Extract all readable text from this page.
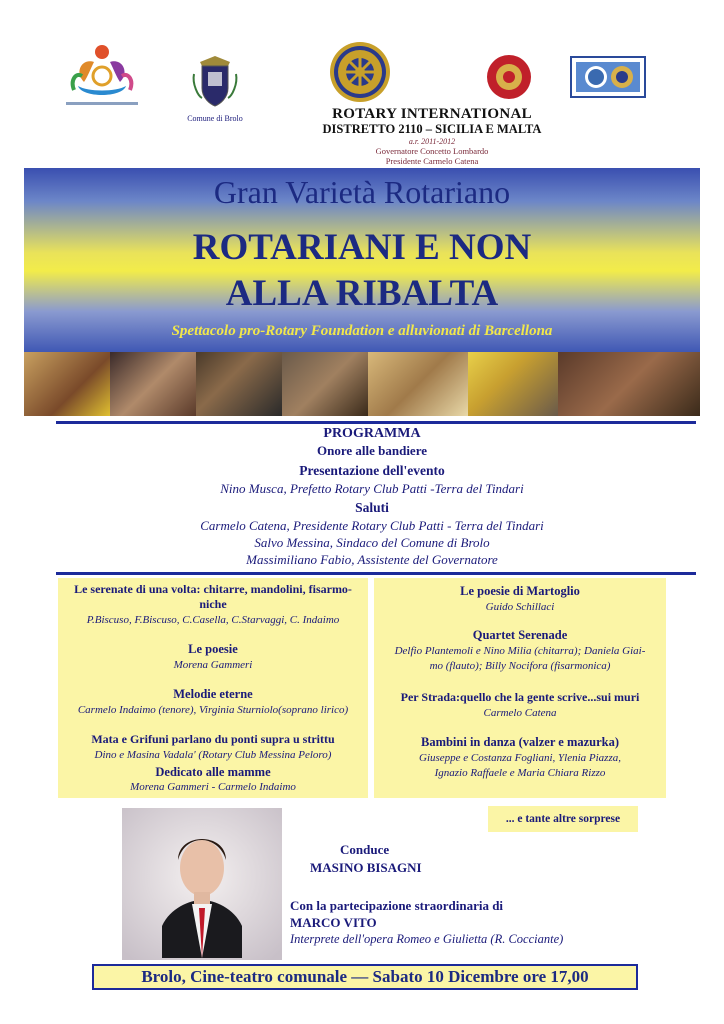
Comune di Brolo	ROTARY INTERNATIONAL
DISTRETTO 2110 – SICILIA E MALTA
a.r. 2011-2012
Governatore Concetto Lombardo
Presidente Carmelo Catena
Gran Varietà Rotariano
ROTARIANI E NON
ALLA RIBALTA
Spettacolo pro-Rotary Foundation e alluvionati di Barcellona
PROGRAMMA
Onore alle bandiere
Presentazione dell'evento
Nino Musca, Prefetto Rotary Club Patti -Terra del Tindari
Saluti
Carmelo Catena, Presidente Rotary Club Patti - Terra del Tindari
Salvo Messina, Sindaco del Comune di Brolo
Massimiliano Fabio, Assistente del Governatore
Le serenate di una volta: chitarre, mandolini, fisarmo-
niche
P.Biscuso, F.Biscuso, C.Casella, C.Starvaggi, C. Indaimo
Le poesie
Morena Gammeri
Melodie eterne
Carmelo Indaimo (tenore), Virginia Sturniolo(soprano lirico)
Mata e Grifuni parlano du ponti supra u strittu
Dino e Masina Vadala' (Rotary Club Messina Peloro)
Dedicato alle mamme
Morena Gammeri - Carmelo Indaimo
Le poesie di Martoglio
Guido Schillaci
Quartet Serenade
Delfio Plantemoli e Nino Milia (chitarra); Daniela Giai-
mo (flauto); Billy Nocifora (fisarmonica)
Per Strada:quello che la gente scrive...sui muri
Carmelo Catena
Bambini in danza (valzer e mazurka)
Giuseppe e Costanza Fogliani, Ylenia Piazza,
Ignazio Raffaele e Maria Chiara Rizzo
... e tante altre sorprese
Conduce
MASINO BISAGNI
Con la partecipazione straordinaria di
MARCO VITO
Interprete dell'opera Romeo e Giulietta (R. Cocciante)
Brolo, Cine-teatro comunale — Sabato 10 Dicembre ore 17,00
